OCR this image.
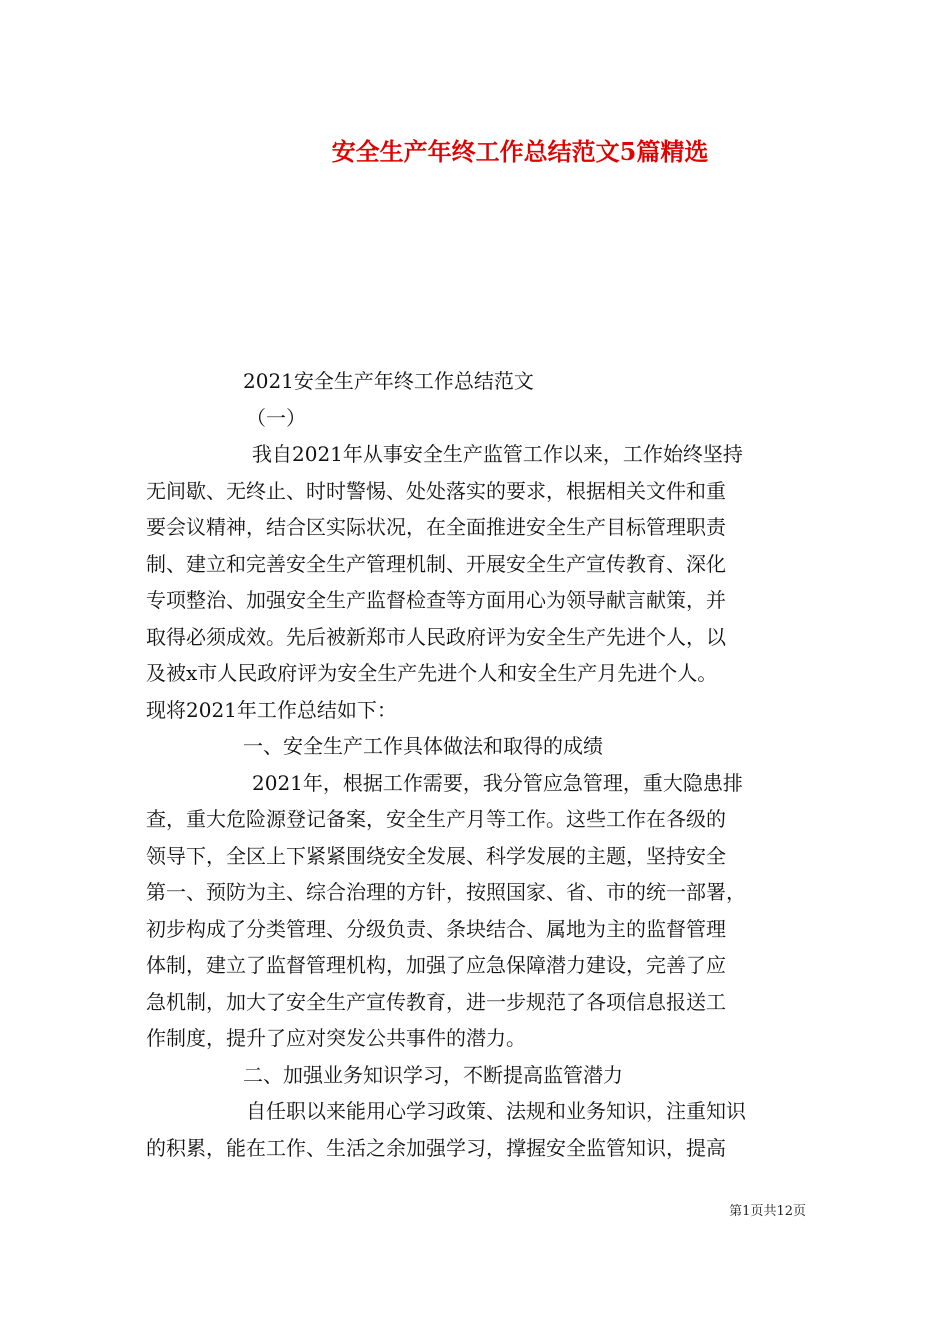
安全生产年终工作总结范文5篇精选
2021安全生产年终工作总结范文
（一）
我自2021年从事安全生产监管工作以来，工作始终坚持
无间歇、无终止、时时警惕、处处落实的要求，根据相关文件和重
要会议精神，结合区实际状况，在全面推进安全生产目标管理职责
制、建立和完善安全生产管理机制、开展安全生产宣传教育、深化
专项整治、加强安全生产监督检查等方面用心为领导献言献策，并
取得必须成效。先后被新郑市人民政府评为安全生产先进个人，以
及被x市人民政府评为安全生产先进个人和安全生产月先进个人。
现将2021年工作总结如下：
一、安全生产工作具体做法和取得的成绩
2021年，根据工作需要，我分管应急管理，重大隐患排
查，重大危险源登记备案，安全生产月等工作。这些工作在各级的
领导下，全区上下紧紧围绕安全发展、科学发展的主题，坚持安全
第一、预防为主、综合治理的方针，按照国家、省、市的统一部署，
初步构成了分类管理、分级负责、条块结合、属地为主的监督管理
体制，建立了监督管理机构，加强了应急保障潜力建设，完善了应
急机制，加大了安全生产宣传教育，进一步规范了各项信息报送工
作制度，提升了应对突发公共事件的潜力。
二、加强业务知识学习，不断提高监管潜力
自任职以来能用心学习政策、法规和业务知识，注重知识
的积累，能在工作、生活之余加强学习，撑握安全监管知识，提高
第1页共12页
